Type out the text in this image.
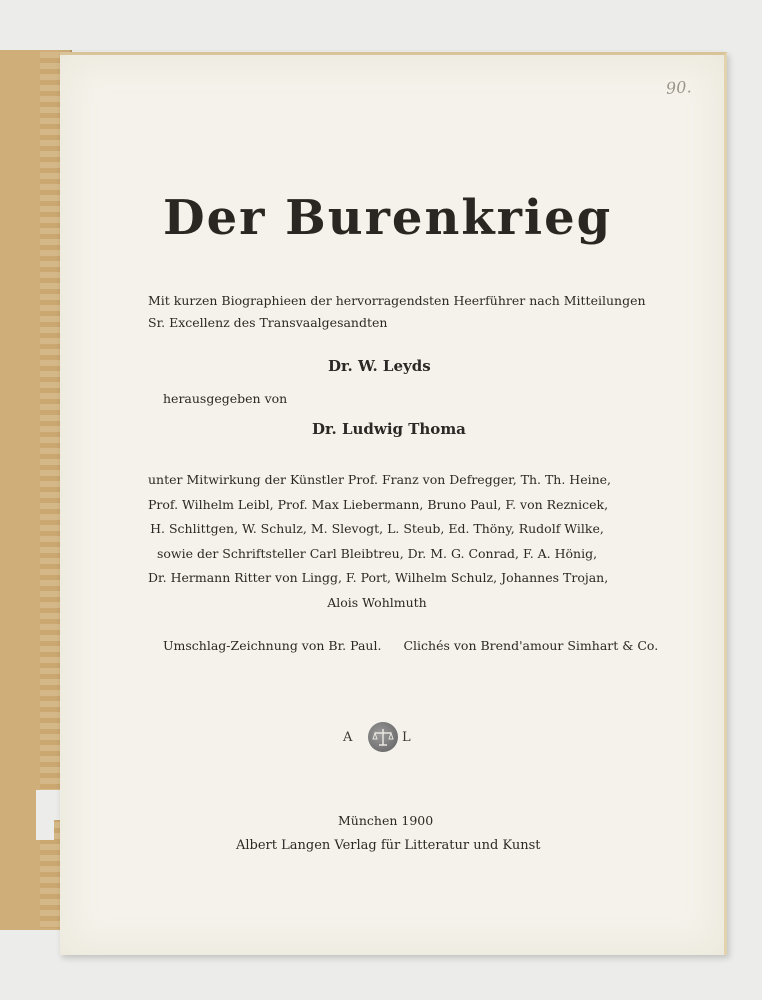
90.
Der Burenkrieg
Mit kurzen Biographieen der hervorragendsten Heerführer nach Mitteilungen
Sr. Excellenz des Transvaalgesandten
Dr. W. Leyds
herausgegeben von
Dr. Ludwig Thoma
unter Mitwirkung der Künstler Prof. Franz von Defregger, Th. Th. Heine,
Prof. Wilhelm Leibl, Prof. Max Liebermann, Bruno Paul, F. von Reznicek,
H. Schlittgen, W. Schulz, M. Slevogt, L. Steub, Ed. Thöny, Rudolf Wilke,
sowie der Schriftsteller Carl Bleibtreu, Dr. M. G. Conrad, F. A. Hönig,
Dr. Hermann Ritter von Lingg, F. Port, Wilhelm Schulz, Johannes Trojan,
Alois Wohlmuth
Umschlag-Zeichnung von Br. Paul. Clichés von Brend'amour Simhart & Co.
A	L
München 1900
Albert Langen Verlag für Litteratur und Kunst
